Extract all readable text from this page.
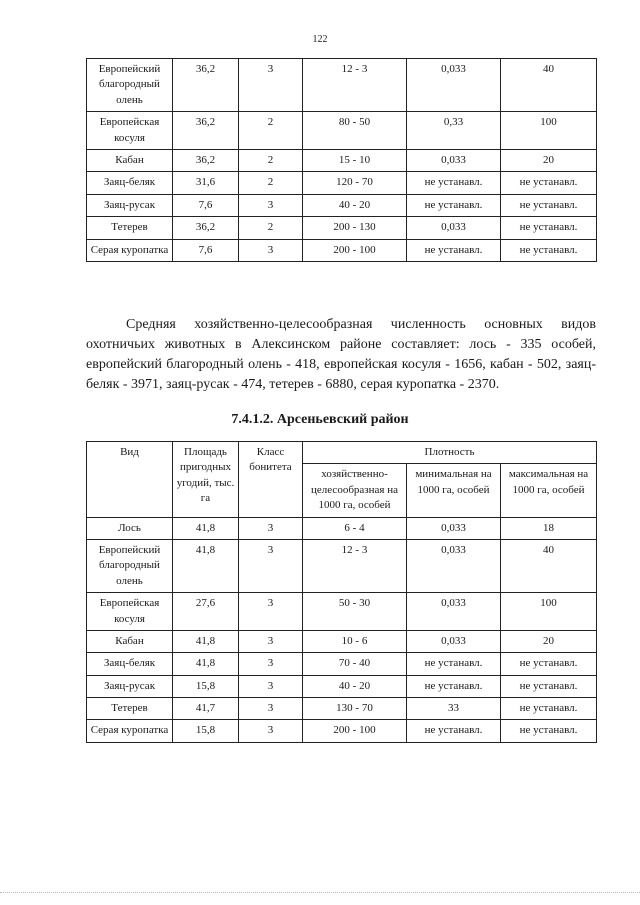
122
Европейский благородный олень	36,2	3	12 - 3	0,033	40
Европейская косуля	36,2	2	80 - 50	0,33	100
Кабан	36,2	2	15 - 10	0,033	20
Заяц-беляк	31,6	2	120 - 70	не устанавл.	не устанавл.
Заяц-русак	7,6	3	40 - 20	не устанавл.	не устанавл.
Тетерев	36,2	2	200 - 130	0,033	не устанавл.
Серая куропатка	7,6	3	200 - 100	не устанавл.	не устанавл.

Средняя хозяйственно-целесообразная численность основных видов охотничьих животных в Алексинском районе составляет: лось - 335 особей, европейский благородный олень - 418, европейская косуля - 1656, кабан - 502, заяц-беляк - 3971, заяц-русак - 474, тетерев - 6880, серая куропатка - 2370.

7.4.1.2. Арсеньевский район
Вид	Площадь пригодных угодий, тыс. га	Класс бонитета	Плотность		
			хозяйственно-целесообразная на 1000 га, особей	минимальная на 1000 га, особей	максимальная на 1000 га, особей
Лось	41,8	3	6 - 4	0,033	18
Европейский благородный олень	41,8	3	12 - 3	0,033	40
Европейская косуля	27,6	3	50 - 30	0,033	100
Кабан	41,8	3	10 - 6	0,033	20
Заяц-беляк	41,8	3	70 - 40	не устанавл.	не устанавл.
Заяц-русак	15,8	3	40 - 20	не устанавл.	не устанавл.
Тетерев	41,7	3	130 - 70	33	не устанавл.
Серая куропатка	15,8	3	200 - 100	не устанавл.	не устанавл.
